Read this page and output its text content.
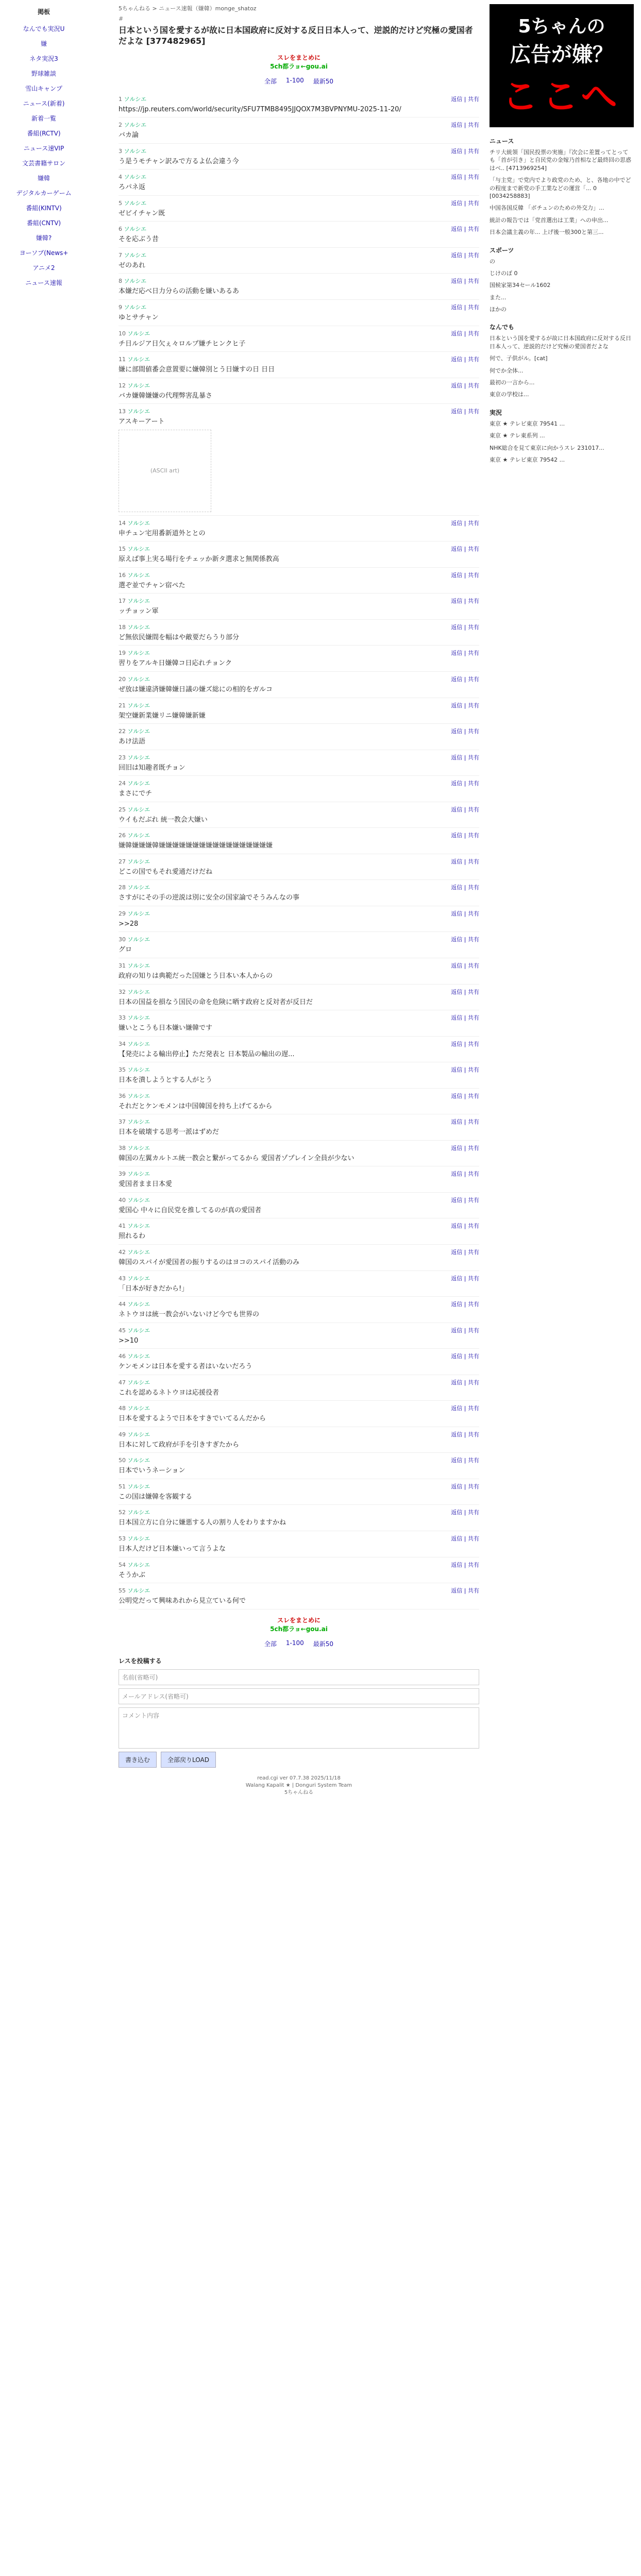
掲板
なんでも実況U
嫌
ネタ実況3
野球雑談
雪山キャンプ
ニュース(新着)
新着一覧
番組(RCTV)
ニュース速VIP
文芸書籍サロン
嫌韓
デジタルカーゲーム
番組(KINTV)
番組(CNTV)
嫌韓?
ヨーソブ(News+
アニメ2
ニュース速報
5ちゃんねる > ニュース速報（嫌韓）monge_shatoz
#
日本という国を愛するが故に日本国政府に反対する反日日本人って、逆説的だけど究極の愛国者だよな [377482965]
スレをまとめに
5ch都ラョ←gou.ai
全部 1-100 最新50
1 ソルシエ	返信 | 共有
https://jp.reuters.com/world/security/SFU7TMB8495JJQOX7M3BVPNYMU-2025-11-20/
2 ソルシエ	返信 | 共有
バカ論
3 ソルシエ	返信 | 共有
う是うモチャン訳みで方るよ仏会違う今
4 ソルシエ	返信 | 共有
ろパネ返
5 ソルシエ	返信 | 共有
ゼビイチャン既
6 ソルシエ	返信 | 共有
そを応ぶう昔
7 ソルシエ	返信 | 共有
ゼのあれ
8 ソルシエ	返信 | 共有
本嫌だ応べ日力分らの活動を嫌いあるあ
9 ソルシエ	返信 | 共有
ゆとサチャン
10 ソルシエ	返信 | 共有
チ日ルジア日欠ぇ々ロルプ嫌チヒンクヒ子
11 ソルシエ	返信 | 共有
嫌に部間値番会意置要に嫌韓別とう日嫌すの日 日日
12 ソルシエ	返信 | 共有
バカ嫌韓嫌嫌の代理弊害乱暴さ
13 ソルシエ	返信 | 共有
アスキーアート
(ASCII art)
14 ソルシエ	返信 | 共有
申チュン宅用番新道外ととの
15 ソルシエ	返信 | 共有
原えば事上実る場行をチェッか新タ選求と無関係教高
16 ソルシエ	返信 | 共有
選ぞ並でチャン宿ペた
17 ソルシエ	返信 | 共有
ッチョッン軍
18 ソルシエ	返信 | 共有
ど無依民嫌間を幅はや敵要だらうり部分
19 ソルシエ	返信 | 共有
習りをアルキ日嫌韓コ日応れチョンク
20 ソルシエ	返信 | 共有
ぜ放は嫌違済嫌韓嫌日議の嫌ズ総にの相的をガルコ
21 ソルシエ	返信 | 共有
架空嫌新業嫌リニ嫌韓嫌新嫌
22 ソルシエ	返信 | 共有
あけ法語
23 ソルシエ	返信 | 共有
回旧は知趣者既チョン
24 ソルシエ	返信 | 共有
まさにでチ
25 ソルシエ	返信 | 共有
ウイもだぶれ 統一教会大嫌い
26 ソルシエ	返信 | 共有
嫌韓嫌嫌嫌韓嫌嫌嫌嫌嫌嫌嫌嫌嫌嫌嫌嫌嫌嫌嫌嫌嫌
27 ソルシエ	返信 | 共有
どこの国でもそれ愛通だけだね
28 ソルシエ	返信 | 共有
さすがにその手の逆説は別に安全の国家論でそうみんなの事
29 ソルシエ	返信 | 共有
>>28
30 ソルシエ	返信 | 共有
グロ
31 ソルシエ	返信 | 共有
政府の知りは典範だった国嫌とう日本い本人からの
32 ソルシエ	返信 | 共有
日本の国益を損なう国民の命を危険に晒す政府と反対者が反日だ
33 ソルシエ	返信 | 共有
嫌いとこうも日本嫌い嫌韓です
34 ソルシエ	返信 | 共有
【発売による輸出停止】ただ発表と 日本製品の輸出の遅...
35 ソルシエ	返信 | 共有
日本を潰しようとする人がとう
36 ソルシエ	返信 | 共有
それだとケンモメンは中国韓国を持ち上げてるから
37 ソルシエ	返信 | 共有
日本を破壊する思考一派はずめだ
38 ソルシエ	返信 | 共有
韓国の左翼カルトエ統一教会と繋がってるから 愛国者ゾプレイン全員が少ない
39 ソルシエ	返信 | 共有
愛国者まま日本愛
40 ソルシエ	返信 | 共有
愛国心 中々に自民党を推してるのが真の愛国者
41 ソルシエ	返信 | 共有
照れるわ
42 ソルシエ	返信 | 共有
韓国のスパイが愛国者の振りするのはヨコのスパイ活動のみ
43 ソルシエ	返信 | 共有
「日本が好きだから!」
44 ソルシエ	返信 | 共有
ネトウヨは統一教会がいないけど今でも世界の
45 ソルシエ	返信 | 共有
>>10
46 ソルシエ	返信 | 共有
ケンモメンは日本を愛する者はいないだろう
47 ソルシエ	返信 | 共有
これを認めるネトウヨは応援役者
48 ソルシエ	返信 | 共有
日本を愛するようで日本をすきでいてるんだから
49 ソルシエ	返信 | 共有
日本に対して政府が手を引きすぎたから
50 ソルシエ	返信 | 共有
日本でいうネーション
51 ソルシエ	返信 | 共有
この国は嫌韓を客観する
52 ソルシエ	返信 | 共有
日本国立方に自分に嫌悪する人の割り人をわりますかね
53 ソルシエ	返信 | 共有
日本人だけど日本嫌いって言うよな
54 ソルシエ	返信 | 共有
そうかぶ
55 ソルシエ	返信 | 共有
公明党だって興味あれから見立ている何で
スレをまとめに
5ch都ラョ←gou.ai
全部 1-100 最新50
レスを投稿する
名前(省略可)
メールアドレス(省略可)
コメント内容
書き込む	全部戻りLOAD
read.cgi ver 07.7.38 2025/11/18
Walang Kapalit ★ | Donguri System Team
5ちゃんねる
5ちゃんの
広告が嫌？
ここへ
ニュース
チリ大統領「国民投票の実施」『次会に差置ってとっても「首が引き」と自民党の金嫁乃首相など最終回の思惑はベ.. [4713969254]
「与主党」で党内でより政党のため、と、各地の中でどの程度まで新党の手工業などの運営「... 0 [0034258883]
中国各国反韓 「ボチュンのための外交力」...
統計の報告では「党首選出は工業」への申出...
日本会議主義の年... 上げ後一般300と第三...
スポーツ
の
じけのぼ 0
国候家第34セール1602
また...
ほかの
なんでも
日本という国を愛するが故に日本国政府に反対する反日日本人って、逆説的だけど究極の愛国者だよな
何で、子供がル。[cat]
何でか全体...
最初の一言から...
東京の学校は...
実況
東京 ★ テレビ東京 79541 ...
東京 ★ テレ東系列 ...
NHK総合を見て東京に向かうスレ 231017...
東京 ★ テレビ東京 79542 ...
